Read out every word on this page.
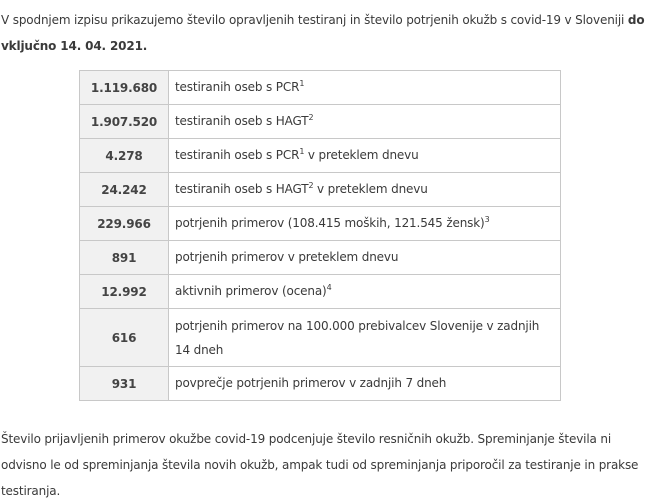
V spodnjem izpisu prikazujemo število opravljenih testiranj in število potrjenih okužb s covid-19 v Sloveniji do vključno 14. 04. 2021.

1.119.680	testiranih oseb s PCR$^1$
1.907.520	testiranih oseb s HAGT$^2$
4.278	testiranih oseb s PCR$^1$ v preteklem dnevu
24.242	testiranih oseb s HAGT$^2$ v preteklem dnevu
229.966	potrjenih primerov (108.415 moških, 121.545 žensk)$^3$
891	potrjenih primerov v preteklem dnevu
12.992	aktivnih primerov (ocena)$^4$
616	potrjenih primerov na 100.000 prebivalcev Slovenije v zadnjih 14 dneh
931	povprečje potrjenih primerov v zadnjih 7 dneh

Število prijavljenih primerov okužbe covid-19 podcenjuje število resničnih okužb. Spreminjanje števila ni odvisno le od spreminjanja števila novih okužb, ampak tudi od spreminjanja priporočil za testiranje in prakse testiranja.
